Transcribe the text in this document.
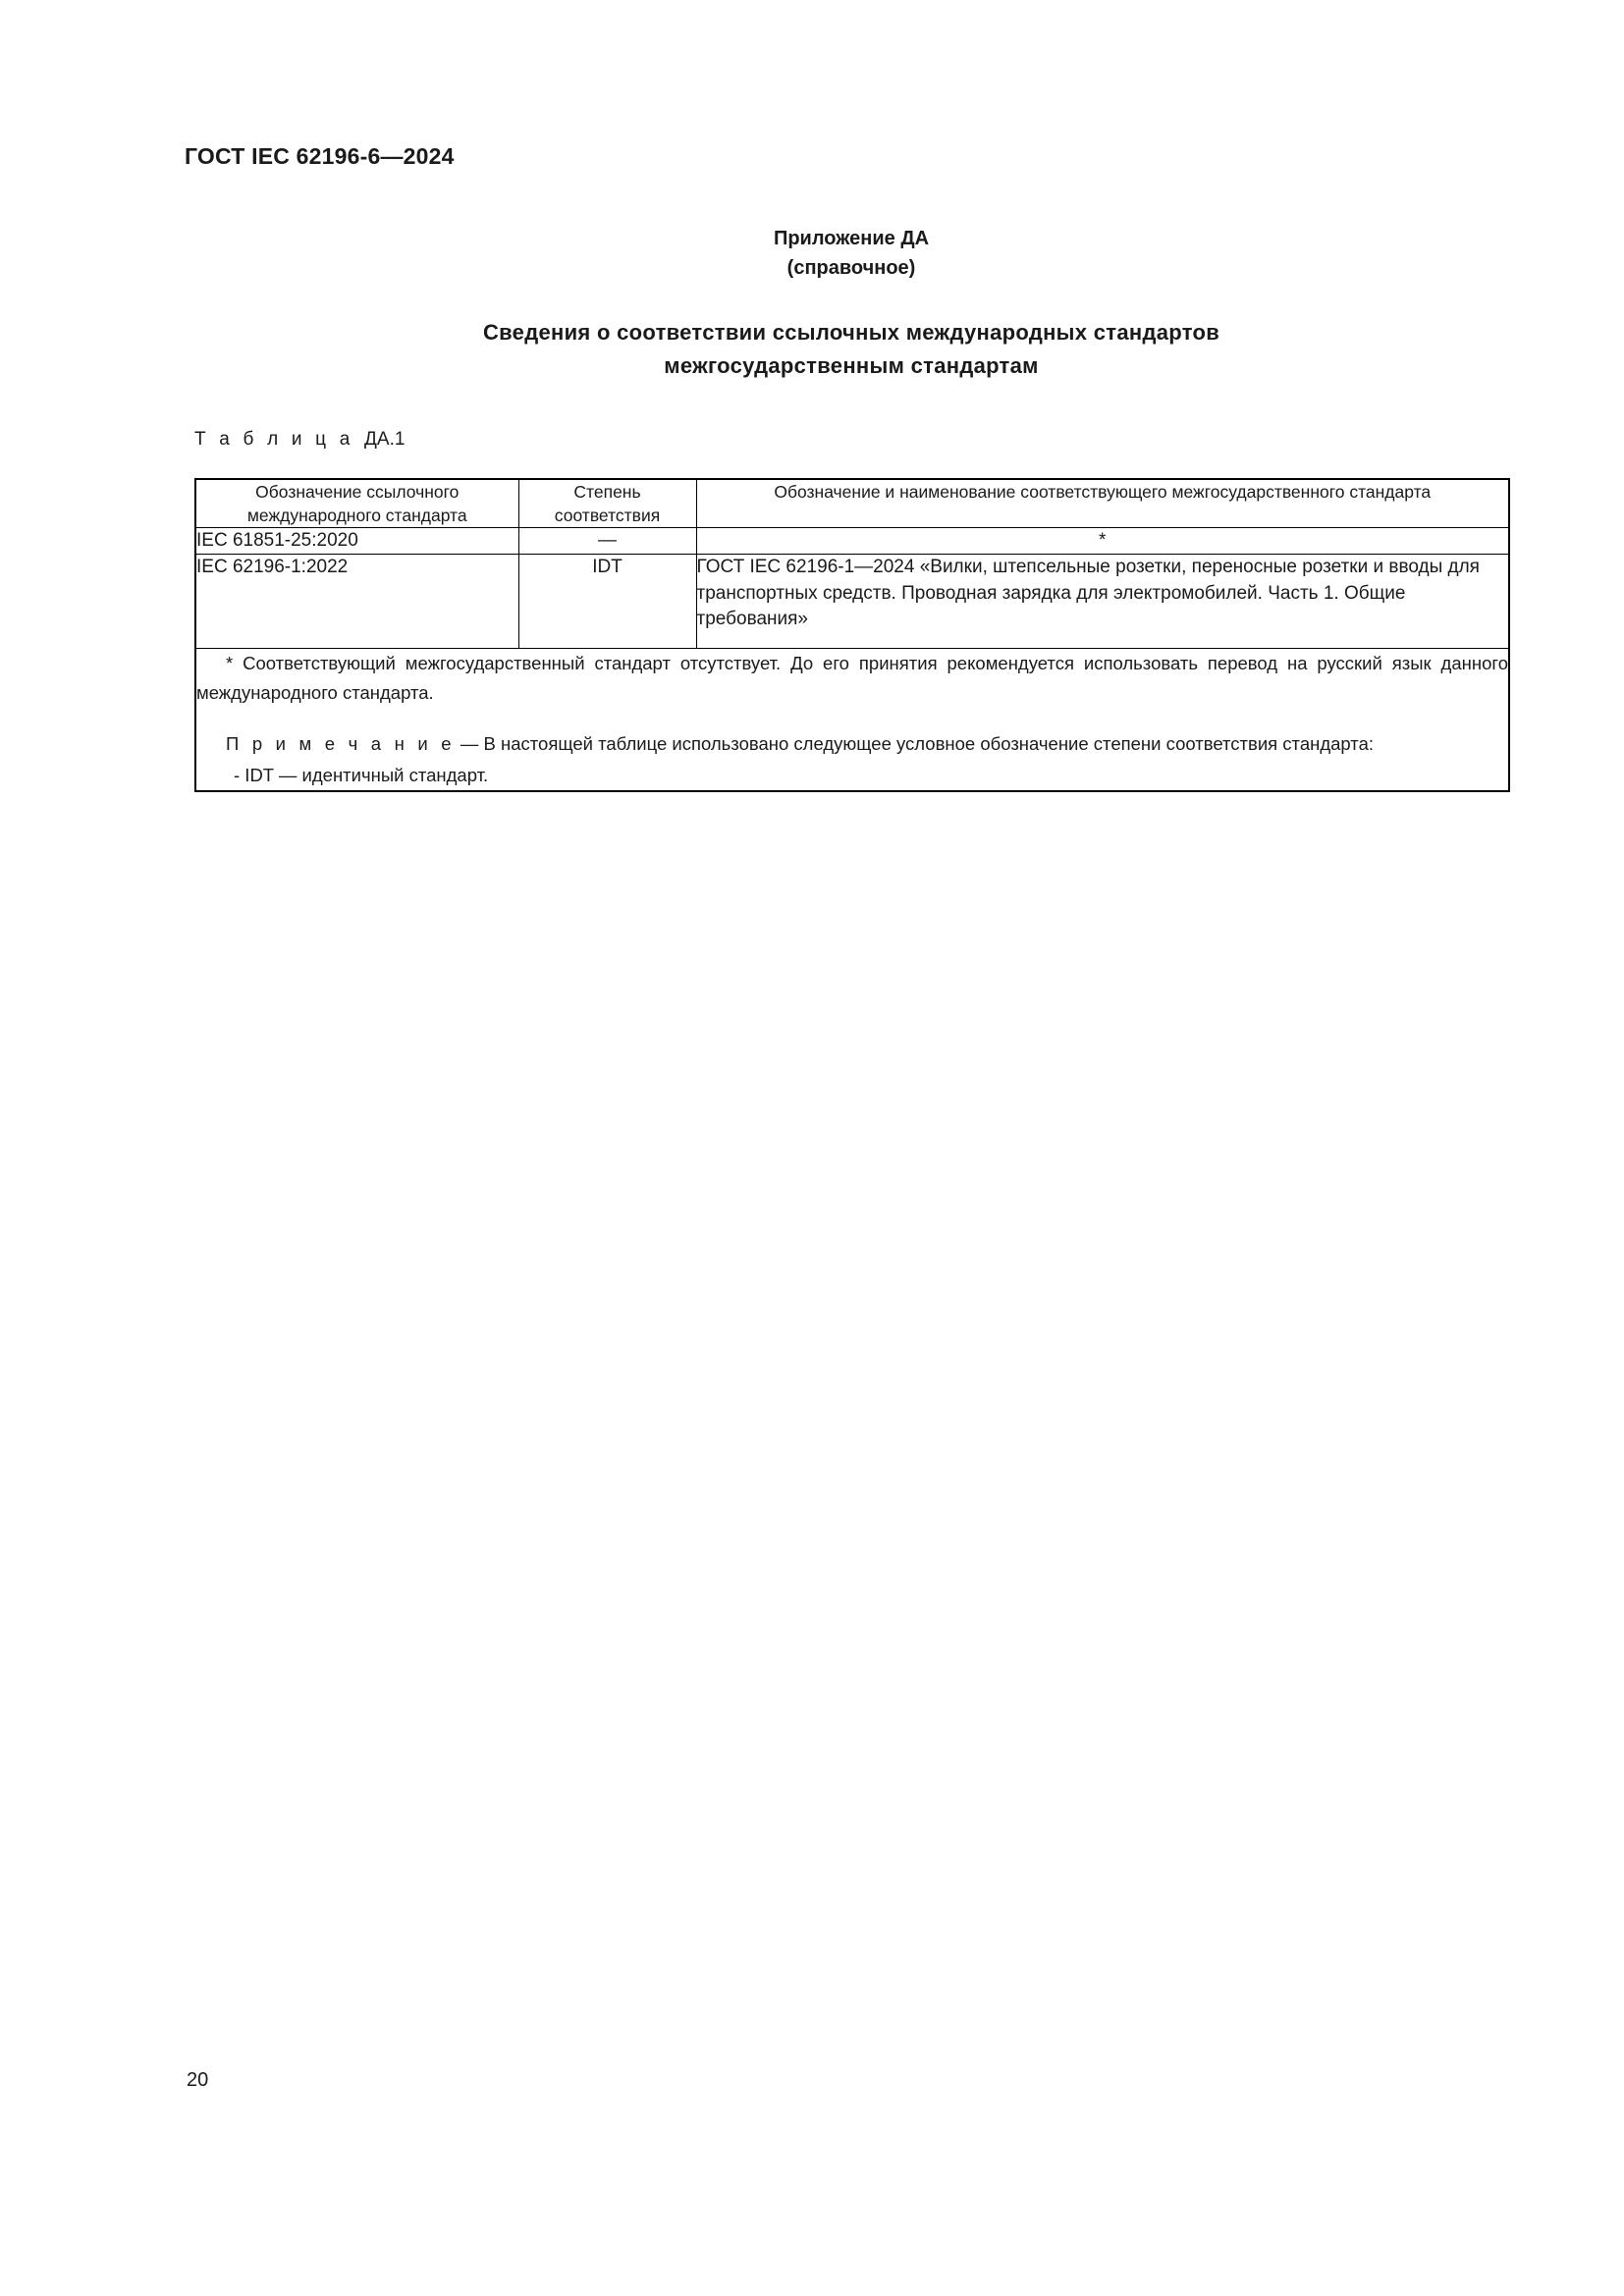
ГОСТ IEC 62196-6—2024
Приложение ДА
(справочное)
Сведения о соответствии ссылочных международных стандартов
межгосударственным стандартам
Т а б л и ц а ДА.1
Обозначение ссылочного международного стандарта	Степень соответствия	Обозначение и наименование соответствующего межгосударственного стандарта
IEC 61851-25:2020	—	*
IEC 62196-1:2022	IDT	ГОСТ IEC 62196-1—2024 «Вилки, штепсельные розетки, переносные розетки и вводы для транспортных средств. Проводная зарядка для электромобилей. Часть 1. Общие требования»

* Соответствующий межгосударственный стандарт отсутствует. До его принятия рекомендуется использовать перевод на русский язык данного международного стандарта.

П р и м е ч а н и е — В настоящей таблице использовано следующее условное обозначение степени соответствия стандарта:

- IDT — идентичный стандарт.		

20
